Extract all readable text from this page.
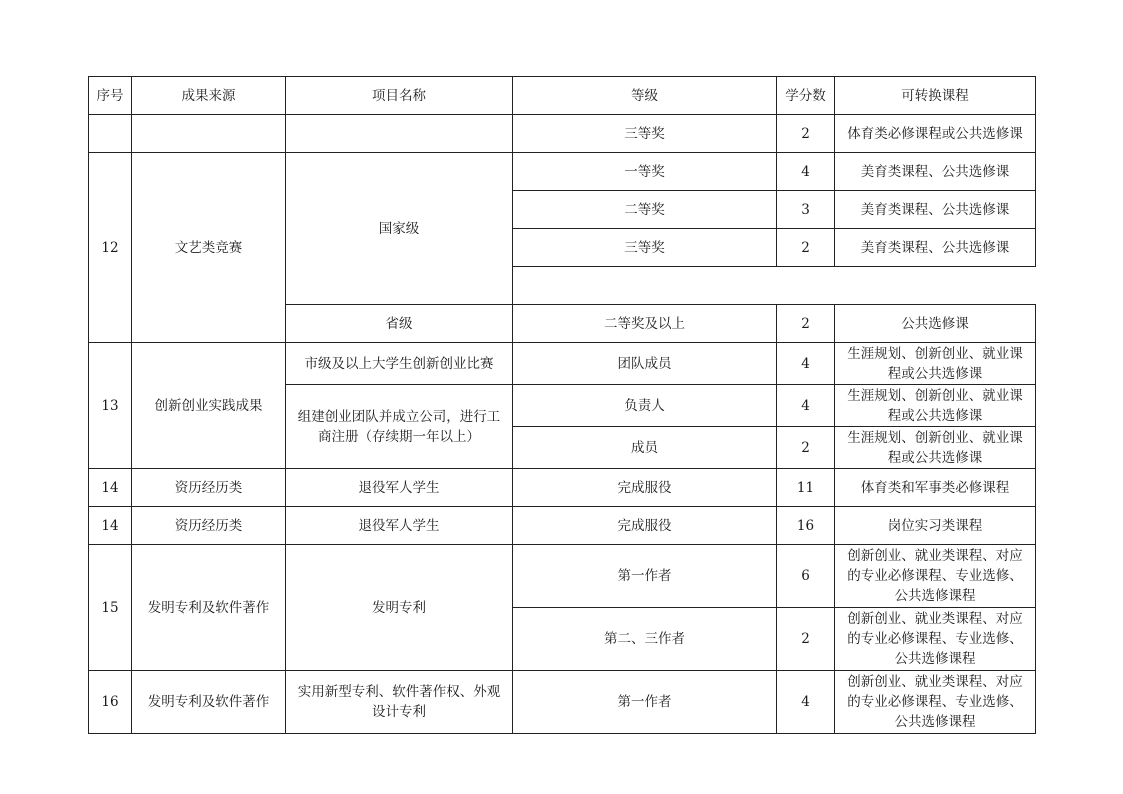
序号	成果来源	项目名称	等级	学分数	可转换课程
			三等奖	2	体育类必修课程或公共选修课
12	文艺类竞赛	国家级	一等奖	4	美育类课程、公共选修课
			二等奖	3	美育类课程、公共选修课
			三等奖	2	美育类课程、公共选修课

		省级	二等奖及以上	2	公共选修课
13	创新创业实践成果	市级及以上大学生创新创业比赛	团队成员	4	生涯规划、创新创业、就业课程或公共选修课
		组建创业团队并成立公司，进行工商注册（存续期一年以上）	负责人	4	生涯规划、创新创业、就业课程或公共选修课
			成员	2	生涯规划、创新创业、就业课程或公共选修课
14	资历经历类	退役军人学生	完成服役	11	体育类和军事类必修课程
14	资历经历类	退役军人学生	完成服役	16	岗位实习类课程
15	发明专利及软件著作	发明专利	第一作者	6	创新创业、就业类课程、对应的专业必修课程、专业选修、公共选修课程
			第二、三作者	2	创新创业、就业类课程、对应的专业必修课程、专业选修、公共选修课程
16	发明专利及软件著作	实用新型专利、软件著作权、外观设计专利	第一作者	4	创新创业、就业类课程、对应的专业必修课程、专业选修、公共选修课程
